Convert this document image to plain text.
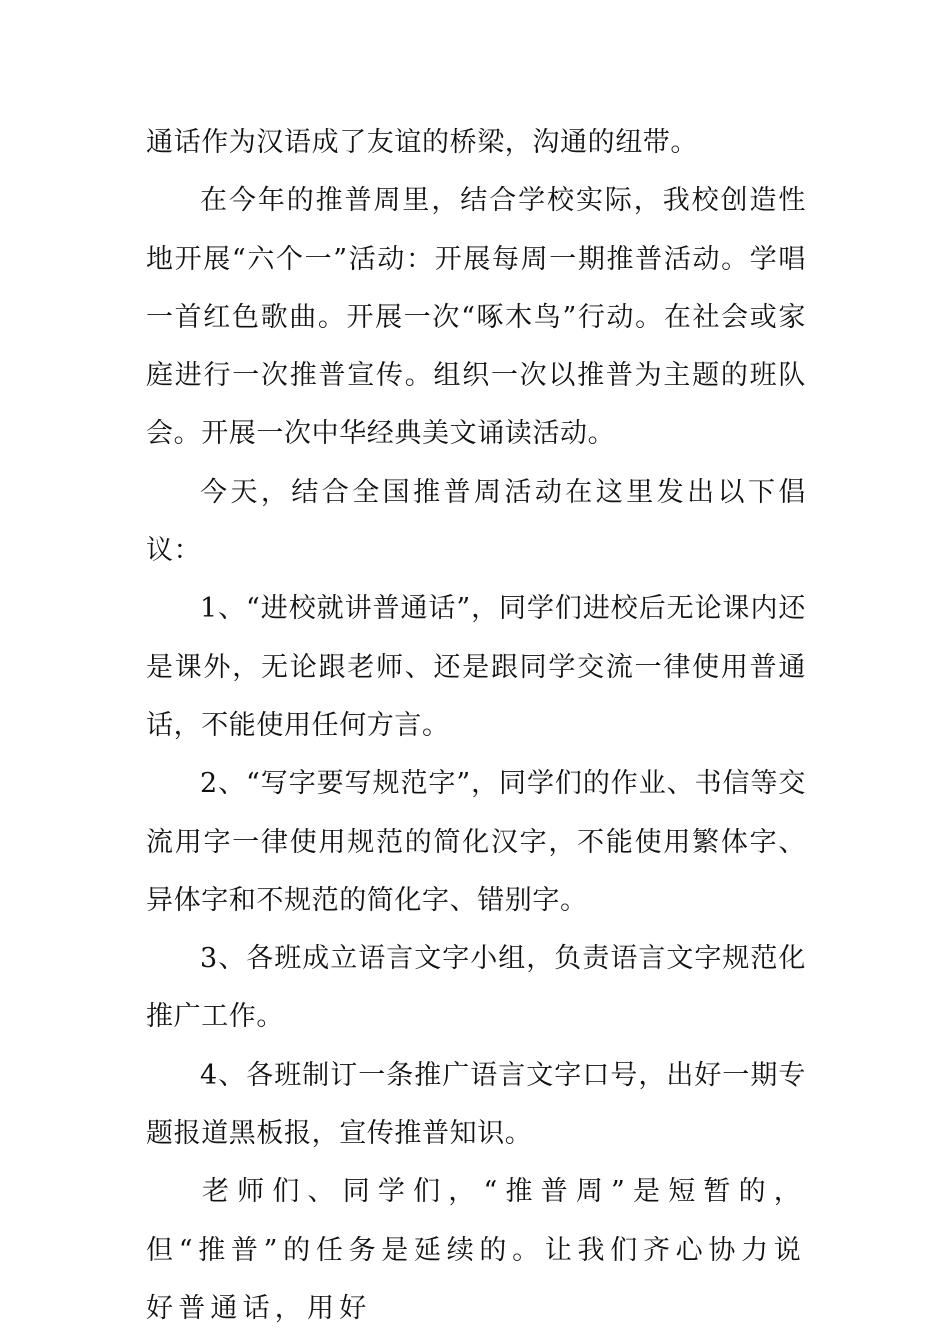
通话作为汉语成了友谊的桥梁，沟通的纽带。

在今年的推普周里，结合学校实际，我校创造性地开展“六个一”活动：开展每周一期推普活动。学唱一首红色歌曲。开展一次“啄木鸟”行动。在社会或家庭进行一次推普宣传。组织一次以推普为主题的班队会。开展一次中华经典美文诵读活动。

今天，结合全国推普周活动在这里发出以下倡议：

1、“进校就讲普通话”，同学们进校后无论课内还是课外，无论跟老师、还是跟同学交流一律使用普通话，不能使用任何方言。

2、“写字要写规范字”，同学们的作业、书信等交流用字一律使用规范的简化汉字，不能使用繁体字、异体字和不规范的简化字、错别字。

3、各班成立语言文字小组，负责语言文字规范化推广工作。

4、各班制订一条推广语言文字口号，出好一期专题报道黑板报，宣传推普知识。

老师们、同学们，“推普周”是短暂的，但“推普”的任务是延续的。让我们齐心协力说好普通话，用好
